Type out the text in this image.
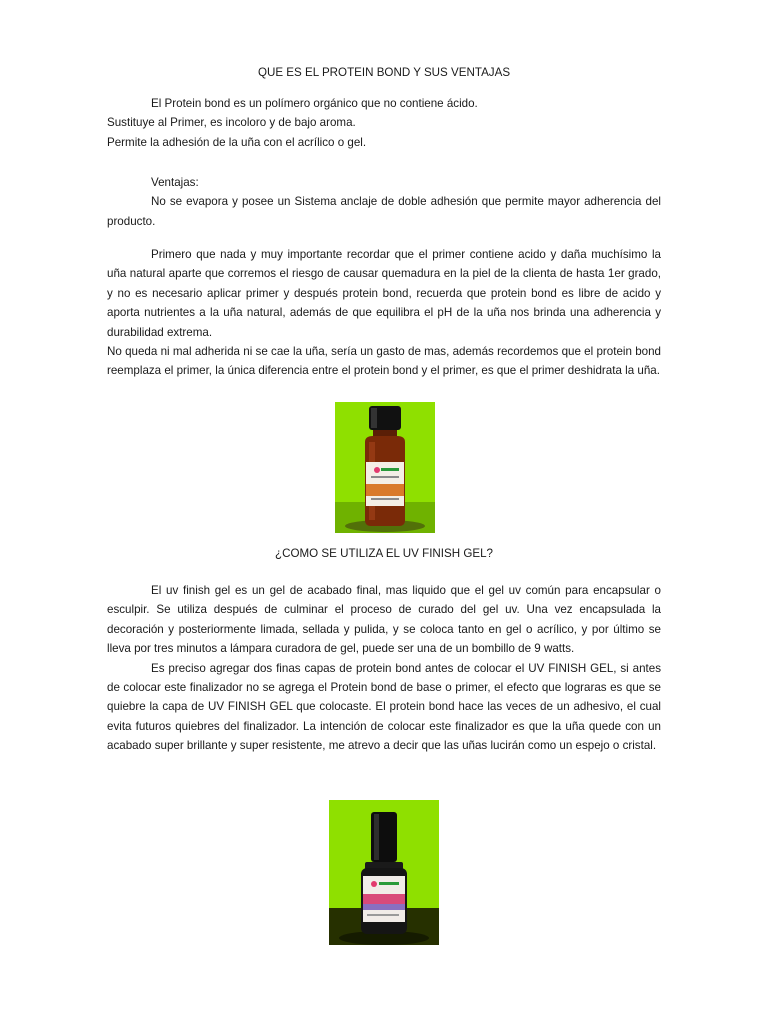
QUE ES EL PROTEIN BOND Y SUS VENTAJAS

El Protein bond es un polímero orgánico que no contiene ácido.

Sustituye al Primer, es incoloro y de bajo aroma.

Permite la adhesión de la uña con el acrílico o gel.

Ventajas:

No se evapora y posee un Sistema anclaje de doble adhesión que permite mayor adherencia del producto.

Primero que nada y muy importante recordar que el primer contiene acido y daña muchísimo la uña natural aparte que corremos el riesgo de causar quemadura en la piel de la clienta de hasta 1er grado, y no es necesario aplicar primer y después protein bond, recuerda que protein bond es libre de acido y aporta nutrientes a la uña natural, además de que equilibra el pH de la uña nos brinda una adherencia y durabilidad extrema.

No queda ni mal adherida ni se cae la uña, sería un gasto de mas, además recordemos que el protein bond reemplaza el primer, la única diferencia entre el protein bond y el primer, es que el primer deshidrata la uña.

¿COMO SE UTILIZA EL UV FINISH GEL?

El uv finish gel es un gel de acabado final, mas liquido que el gel uv común para encapsular o esculpir. Se utiliza después de culminar el proceso de curado del gel uv. Una vez encapsulada la decoración y posteriormente limada, sellada y pulida, y se coloca tanto en gel o acrílico, y por último se lleva por tres minutos a lámpara curadora de gel, puede ser una de un bombillo de 9 watts.

Es preciso agregar dos finas capas de protein bond antes de colocar el UV FINISH GEL, si antes de colocar este finalizador no se agrega el Protein bond de base o primer, el efecto que lograras es que se quiebre la capa de UV FINISH GEL que colocaste. El protein bond hace las veces de un adhesivo, el cual evita futuros quiebres del finalizador. La intención de colocar este finalizador es que la uña quede con un acabado super brillante y super resistente, me atrevo a decir que las uñas lucirán como un espejo o cristal.
